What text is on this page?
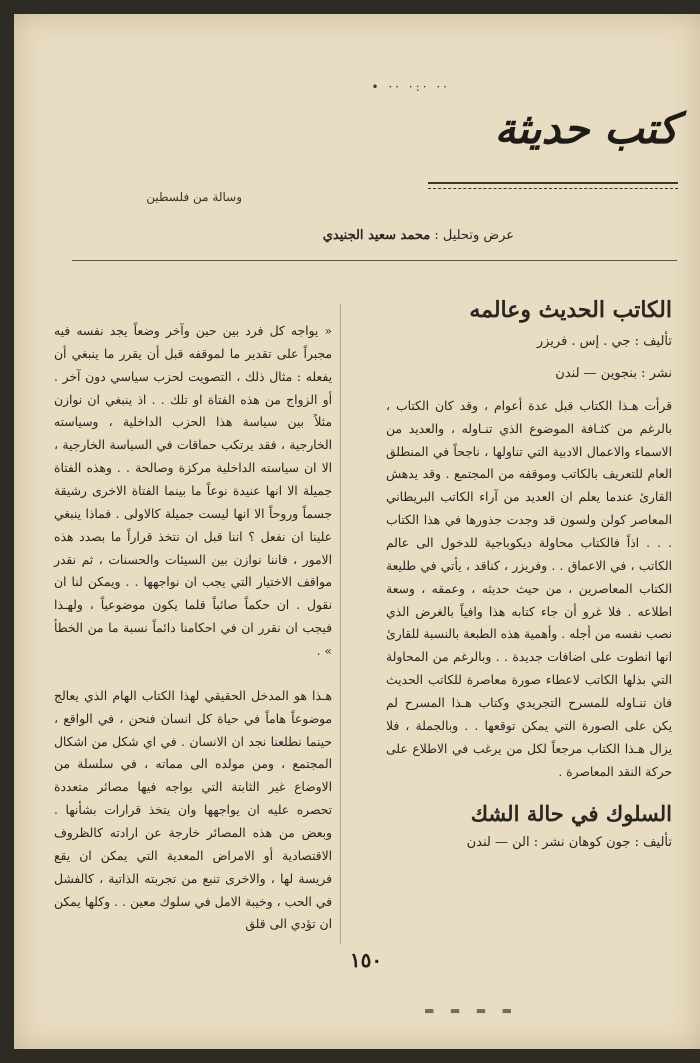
• ·· ·:· ··
كتب حديثة
وسالة من فلسطين
عرض وتحليل : محمد سعيد الجنيدي
الكاتب الحديث وعالمه

تأليف : جي . إس . فريزر

نشر : بنجوين — لندن

قرأت هـذا الكتاب قبل عدة أعوام ، وقد كان الكتاب ، بالرغم من كثـافة الموضوع الذي تنـاوله ، والعديد من الاسماء والاعمال الادبية التي تناولها ، ناجحاً في المنطلق العام للتعريف بالكاتب وموقفه من المجتمع . وقد يدهش القارئ عندما يعلم ان العديد من آراء الكاتب البريطاني المعاصر كولن ولسون قد وجدت جذورها في هذا الكتاب . . . اذاً فالكتاب محاولة ديكوباجية للدخول الى عالم الكاتب ، في الاعماق . . وفريزر ، كناقد ، يأتي في طليعة الكتاب المعاصرين ، من حيث حديثه ، وعمقه ، وسعة اطلاعه . فلا غرو أن جاء كتابه هذا وافياً بالغرض الذي نصب نفسه من أجله . وأهمية هذه الطبعة بالنسبة للقارئ انها انطوت على اضافات جديدة . . وبالرغم من المحاولة التي بذلها الكاتب لاعطاء صورة معاصرة للكاتب الحديث فان تنـاوله للمسرح التجريدي وكتاب هـذا المسرح لم يكن على الصورة التي يمكن توقعها . . وبالجملة ، فلا يزال هـذا الكتاب مرجعاً لكل من يرغب في الاطلاع على حركة النقد المعاصرة .

السلوك في حالة الشك

تأليف : جون كوهان نشر : الن — لندن

« يواجه كل فرد بين حين وآخر وضعاً يجد نفسه فيه مجبراً على تقدير ما لموقفه قبل أن يقرر ما ينبغي أن يفعله : مثال ذلك ، التصويت لحزب سياسي دون آخر . أو الزواج من هذه الفتاة او تلك . . اذ ينبغي ان نوازن مثلاً بين سياسة هذا الحزب الداخلية ، وسياسته الخارجية ، فقد يرتكب حماقات في السياسة الخارجية ، الا ان سياسته الداخلية مركزة وصالحة . . وهذه الفتاة جميلة الا انها عنيدة نوعاً ما بينما الفتاة الاخرى رشيقة جسماً وروحاً الا انها ليست جميلة كالاولى . فماذا ينبغي علينا ان نفعل ؟ اننا قبل ان نتخذ قراراً ما بصدد هذه الامور ، فاننا نوازن بين السيئات والحسنات ، ثم نقدر مواقف الاختيار التي يجب ان نواجهها . . ويمكن لنا ان نقول . ان حكماً صائباً قلما يكون موضوعياً ، ولهـذا فيجب ان نقرر ان في احكامنا دائماً نسبة ما من الخطأ » .

هـذا هو المدخل الحقيقي لهذا الكتاب الهام الذي يعالج موضوعاً هاماً في حياة كل انسان فنحن ، في الواقع ، حينما نطلعنا نجد ان الانسان . في اي شكل من اشكال المجتمع ، ومن مولده الى مماته ، في سلسلة من الاوضاع غير الثابتة التي يواجه فيها مصائر متعددة تحصره عليه ان يواجهها وان يتخذ قرارات بشأنها . وبعض من هذه المصائر خارجة عن ارادته كالظروف الاقتصادية أو الامراض المعدية التي يمكن ان يقع فريسة لها ، والاخرى تنبع من تجربته الذاتية ، كالفشل في الحب ، وخيبة الامل في سلوك معين . . وكلها يمكن ان تؤدي الى قلق

١٥٠
▬ ▬ ▬ ▬
